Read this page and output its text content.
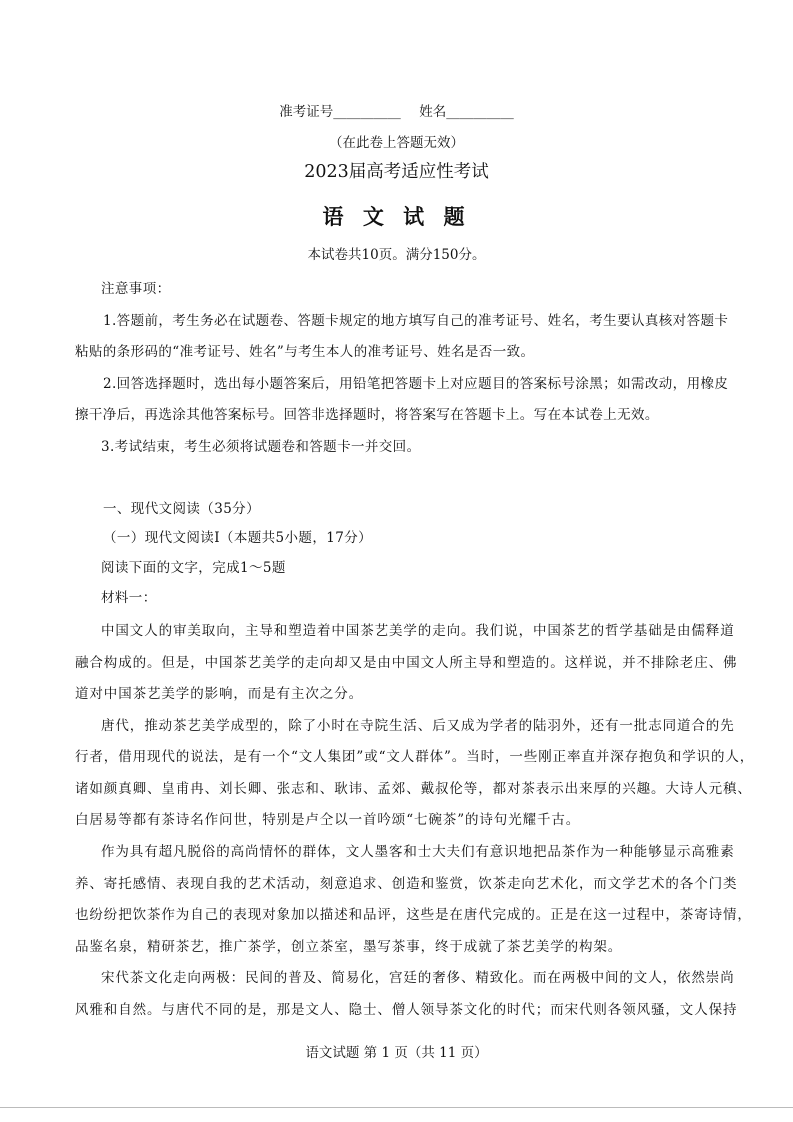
准考证号__________ 姓名__________
（在此卷上答题无效）
2023届高考适应性考试
语 文 试 题
本试卷共10页。满分150分。
注意事项：
1.答题前，考生务必在试题卷、答题卡规定的地方填写自己的准考证号、姓名，考生要认真核对答题卡
粘贴的条形码的“准考证号、姓名”与考生本人的准考证号、姓名是否一致。
2.回答选择题时，选出每小题答案后，用铅笔把答题卡上对应题目的答案标号涂黑；如需改动，用橡皮
擦干净后，再选涂其他答案标号。回答非选择题时，将答案写在答题卡上。写在本试卷上无效。
3.考试结束，考生必须将试题卷和答题卡一并交回。
一、现代文阅读（35分）
（一）现代文阅读Ⅰ（本题共5小题，17分）
阅读下面的文字，完成1～5题
材料一：
中国文人的审美取向，主导和塑造着中国茶艺美学的走向。我们说，中国茶艺的哲学基础是由儒释道
融合构成的。但是，中国茶艺美学的走向却又是由中国文人所主导和塑造的。这样说，并不排除老庄、佛
道对中国茶艺美学的影响，而是有主次之分。
唐代，推动茶艺美学成型的，除了小时在寺院生活、后又成为学者的陆羽外，还有一批志同道合的先
行者，借用现代的说法，是有一个“文人集团”或“文人群体”。当时，一些刚正率直并深存抱负和学识的人，
诸如颜真卿、皇甫冉、刘长卿、张志和、耿讳、孟郊、戴叔伦等，都对茶表示出来厚的兴趣。大诗人元稹、
白居易等都有茶诗名作问世，特别是卢仝以一首吟颂“七碗茶”的诗句光耀千古。
作为具有超凡脱俗的高尚情怀的群体，文人墨客和士大夫们有意识地把品茶作为一种能够显示高雅素
养、寄托感情、表现自我的艺术活动，刻意追求、创造和鉴赏，饮茶走向艺术化，而文学艺术的各个门类
也纷纷把饮茶作为自己的表现对象加以描述和品评，这些是在唐代完成的。正是在这一过程中，茶寄诗情，
品鉴名泉，精研茶艺，推广茶学，创立茶室，墨写茶事，终于成就了茶艺美学的构架。
宋代茶文化走向两极：民间的普及、简易化，宫廷的奢侈、精致化。而在两极中间的文人，依然崇尚
风雅和自然。与唐代不同的是，那是文人、隐士、僧人领导茶文化的时代；而宋代则各领风骚，文人保持
语文试题 第 1 页（共 11 页）
